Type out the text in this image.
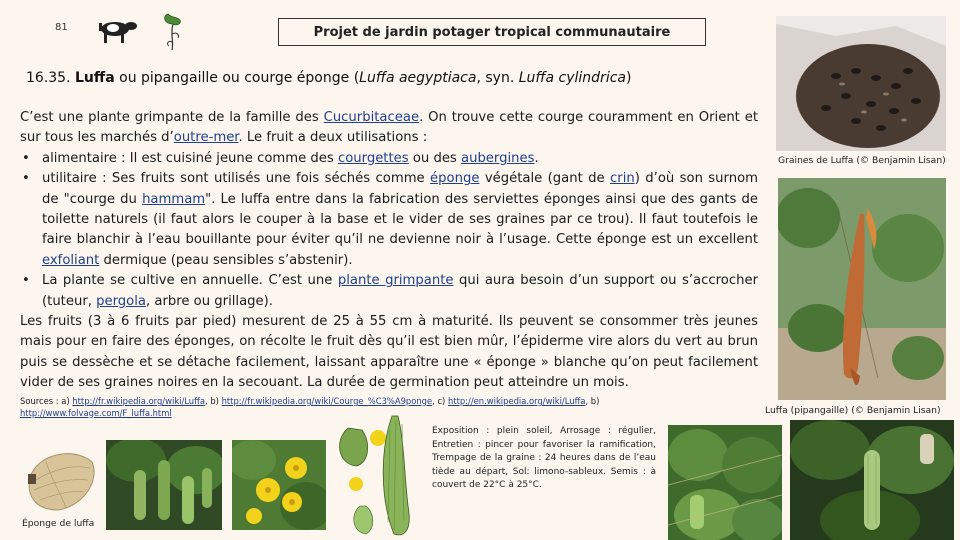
81	Projet de jardin potager tropical communautaire
16.35. Luffa ou pipangaille ou courge éponge (Luffa aegyptiaca, syn. Luffa cylindrica)

C’est une plante grimpante de la famille des Cucurbitaceae. On trouve cette courge couramment en Orient et sur tous les marchés d’outre-mer. Le fruit a deux utilisations :

• alimentaire : Il est cuisiné jeune comme des courgettes ou des aubergines.
• utilitaire : Ses fruits sont utilisés une fois séchés comme éponge végétale (gant de crin) d’où son surnom de "courge du hammam". Le luffa entre dans la fabrication des serviettes éponges ainsi que des gants de toilette naturels (il faut alors le couper à la base et le vider de ses graines par ce trou). Il faut toutefois le faire blanchir à l’eau bouillante pour éviter qu’il ne devienne noir à l’usage. Cette éponge est un excellent exfoliant dermique (peau sensibles s’abstenir).
• La plante se cultive en annuelle. C’est une plante grimpante qui aura besoin d’un support ou s’accrocher (tuteur, pergola, arbre ou grillage).

Les fruits (3 à 6 fruits par pied) mesurent de 25 à 55 cm à maturité. Ils peuvent se consommer très jeunes mais pour en faire des éponges, on récolte le fruit dès qu’il est bien mûr, l’épiderme vire alors du vert au brun puis se dessèche et se détache facilement, laissant apparaître une « éponge » blanche qu’on peut facilement vider de ses graines noires en la secouant. La durée de germination peut atteindre un mois.

Sources : a) http://fr.wikipedia.org/wiki/Luffa, b) http://fr.wikipedia.org/wiki/Courge_%C3%A9ponge, c) http://en.wikipedia.org/wiki/Luffa, b) http://www.folvage.com/F_luffa.html
Graines de Luffa (© Benjamin Lisan)
Luffa (pipangaille) (© Benjamin Lisan)
Éponge de luffa
Exposition : plein soleil, Arrosage : régulier, Entretien : pincer pour favoriser la ramification, Trempage de la graine : 24 heures dans de l’eau tiède au départ, Sol: limono-sableux. Semis : à couvert de 22°C à 25°C.
